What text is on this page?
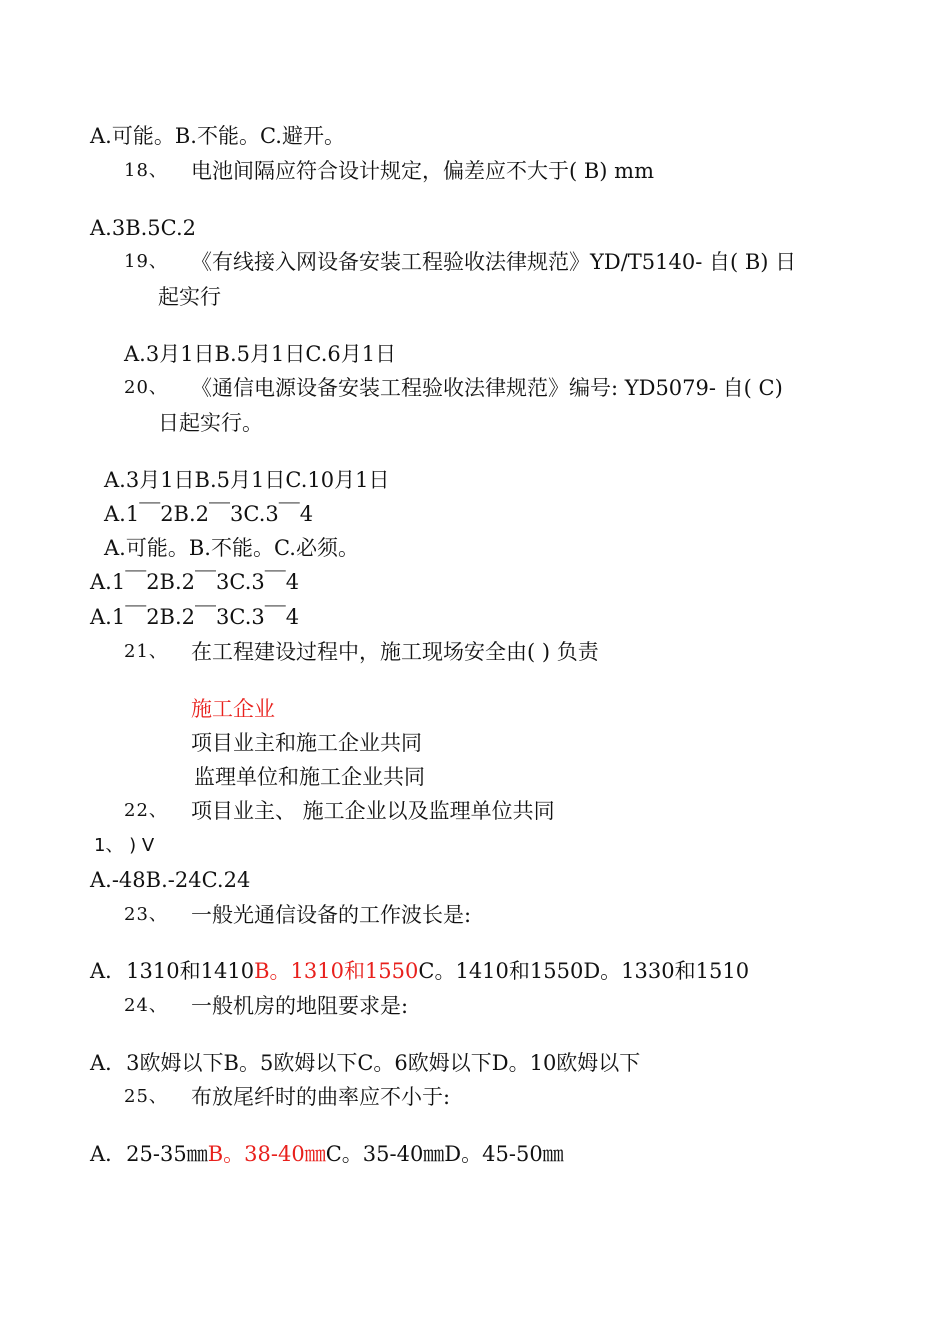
A.可能。B.不能。C.避开。
18、 电池间隔应符合设计规定，偏差应不大于( B) mm
A.3B.5C.2
19、 《有线接入网设备安装工程验收法律规范》YD/T5140- 自( B) 日
起实行
A.3月1日B.5月1日C.6月1日
20、 《通信电源设备安装工程验收法律规范》编号: YD5079- 自( C)
日起实行。
A.3月1日B.5月1日C.10月1日
A.1￣2B.2￣3C.3￣4
A.可能。B.不能。C.必须。
A.1￣2B.2￣3C.3￣4
A.1￣2B.2￣3C.3￣4
21、 在工程建设过程中，施工现场安全由( ) 负责
施工企业
项目业主和施工企业共同
监理单位和施工企业共同
22、 项目业主、 施工企业以及监理单位共同
1、 ) V
A.-48B.-24C.24
23、 一般光通信设备的工作波长是:
A．1310和1410B。1310和1550C。1410和1550D。1330和1510
24、 一般机房的地阻要求是:
A．3欧姆以下B。5欧姆以下C。6欧姆以下D。10欧姆以下
25、 布放尾纤时的曲率应不小于:
A．25-35㎜B。38-40㎜C。35-40㎜D。45-50㎜
